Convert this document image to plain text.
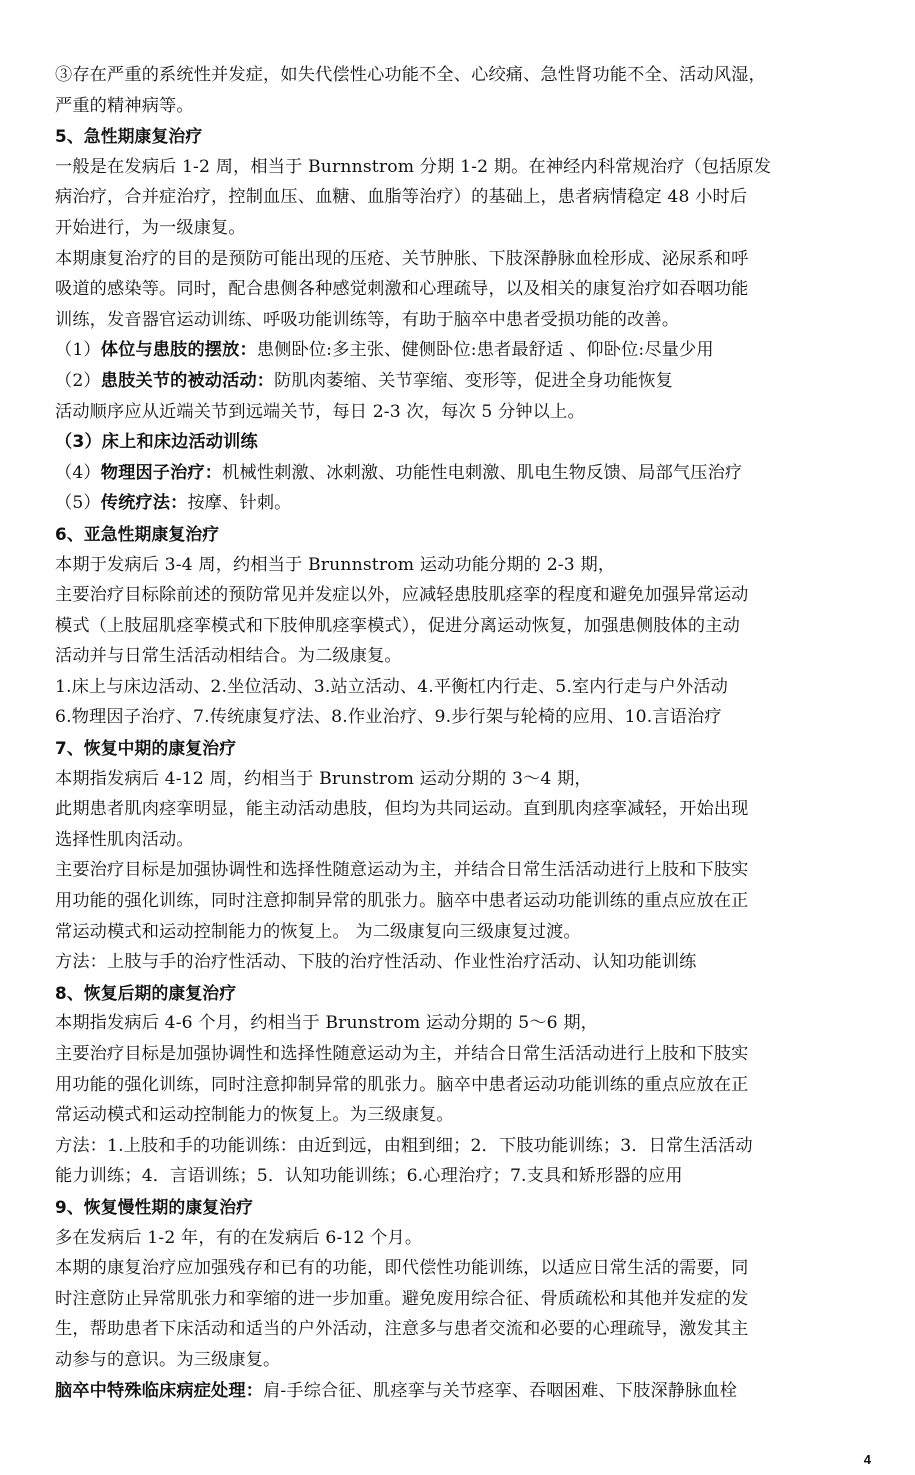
③存在严重的系统性并发症，如失代偿性心功能不全、心绞痛、急性肾功能不全、活动风湿，
严重的精神病等。
5、急性期康复治疗
一般是在发病后 1-2 周，相当于 Burnnstrom 分期 1-2 期。在神经内科常规治疗（包括原发
病治疗，合并症治疗，控制血压、血糖、血脂等治疗）的基础上，患者病情稳定 48 小时后
开始进行，为一级康复。
本期康复治疗的目的是预防可能出现的压疮、关节肿胀、下肢深静脉血栓形成、泌尿系和呼
吸道的感染等。同时，配合患侧各种感觉刺激和心理疏导，以及相关的康复治疗如吞咽功能
训练，发音器官运动训练、呼吸功能训练等，有助于脑卒中患者受损功能的改善。
（1）体位与患肢的摆放：患侧卧位:多主张、健侧卧位:患者最舒适 、仰卧位:尽量少用
（2）患肢关节的被动活动：防肌肉萎缩、关节挛缩、变形等，促进全身功能恢复
活动顺序应从近端关节到远端关节，每日 2-3 次，每次 5 分钟以上。
（3）床上和床边活动训练
（4）物理因子治疗：机械性刺激、冰刺激、功能性电刺激、肌电生物反馈、局部气压治疗
（5）传统疗法：按摩、针刺。
6、亚急性期康复治疗
本期于发病后 3-4 周，约相当于 Brunnstrom 运动功能分期的 2-3 期，
主要治疗目标除前述的预防常见并发症以外，应减轻患肢肌痉挛的程度和避免加强异常运动
模式（上肢屈肌痉挛模式和下肢伸肌痉挛模式），促进分离运动恢复，加强患侧肢体的主动
活动并与日常生活活动相结合。为二级康复。
1.床上与床边活动、2.坐位活动、3.站立活动、4.平衡杠内行走、5.室内行走与户外活动
6.物理因子治疗、7.传统康复疗法、8.作业治疗、9.步行架与轮椅的应用、10.言语治疗
7、恢复中期的康复治疗
本期指发病后 4-12 周，约相当于 Brunstrom 运动分期的 3～4 期，
此期患者肌肉痉挛明显，能主动活动患肢，但均为共同运动。直到肌肉痉挛减轻，开始出现
选择性肌肉活动。
主要治疗目标是加强协调性和选择性随意运动为主，并结合日常生活活动进行上肢和下肢实
用功能的强化训练，同时注意抑制异常的肌张力。脑卒中患者运动功能训练的重点应放在正
常运动模式和运动控制能力的恢复上。 为二级康复向三级康复过渡。
方法：上肢与手的治疗性活动、下肢的治疗性活动、作业性治疗活动、认知功能训练
8、恢复后期的康复治疗
本期指发病后 4-6 个月，约相当于 Brunstrom 运动分期的 5～6 期，
主要治疗目标是加强协调性和选择性随意运动为主，并结合日常生活活动进行上肢和下肢实
用功能的强化训练，同时注意抑制异常的肌张力。脑卒中患者运动功能训练的重点应放在正
常运动模式和运动控制能力的恢复上。为三级康复。
方法：1.上肢和手的功能训练：由近到远，由粗到细；2．下肢功能训练；3．日常生活活动
能力训练；4．言语训练；5．认知功能训练；6.心理治疗；7.支具和矫形器的应用
9、恢复慢性期的康复治疗
多在发病后 1-2 年，有的在发病后 6-12 个月。
本期的康复治疗应加强残存和已有的功能，即代偿性功能训练，以适应日常生活的需要，同
时注意防止异常肌张力和挛缩的进一步加重。避免废用综合征、骨质疏松和其他并发症的发
生，帮助患者下床活动和适当的户外活动，注意多与患者交流和必要的心理疏导，激发其主
动参与的意识。为三级康复。
脑卒中特殊临床病症处理：肩-手综合征、肌痉挛与关节痉挛、吞咽困难、下肢深静脉血栓
4
